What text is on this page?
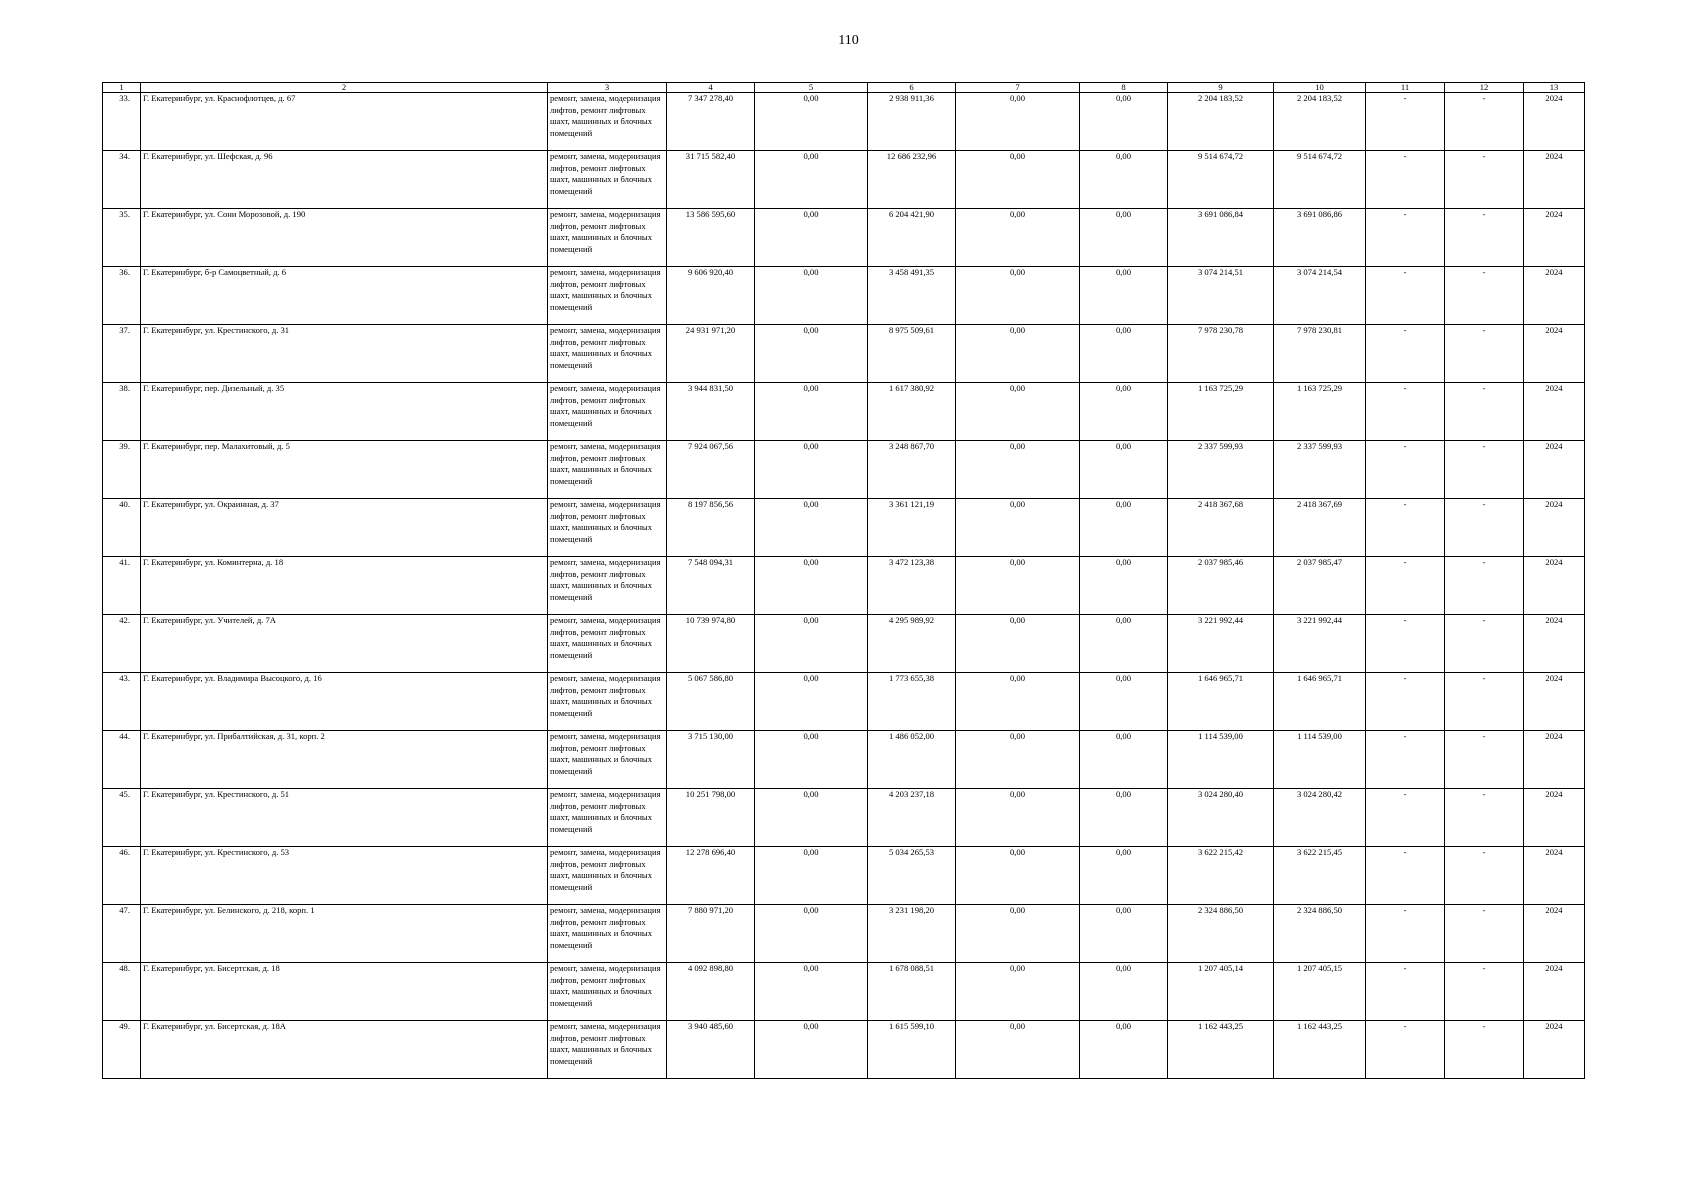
110
1	2	3	4	5	6	7	8	9	10	11	12	13
33.	Г. Екатеринбург, ул. Краснофлотцев, д. 67	ремонт, замена, модернизация лифтов, ремонт лифтовых шахт, машинных и блочных помещений	7 347 278,40	0,00	2 938 911,36	0,00	0,00	2 204 183,52	2 204 183,52	-	-	2024
34.	Г. Екатеринбург, ул. Шефская, д. 96	ремонт, замена, модернизация лифтов, ремонт лифтовых шахт, машинных и блочных помещений	31 715 582,40	0,00	12 686 232,96	0,00	0,00	9 514 674,72	9 514 674,72	-	-	2024
35.	Г. Екатеринбург, ул. Сони Морозовой, д. 190	ремонт, замена, модернизация лифтов, ремонт лифтовых шахт, машинных и блочных помещений	13 586 595,60	0,00	6 204 421,90	0,00	0,00	3 691 086,84	3 691 086,86	-	-	2024
36.	Г. Екатеринбург, б-р Самоцветный, д. 6	ремонт, замена, модернизация лифтов, ремонт лифтовых шахт, машинных и блочных помещений	9 606 920,40	0,00	3 458 491,35	0,00	0,00	3 074 214,51	3 074 214,54	-	-	2024
37.	Г. Екатеринбург, ул. Крестинского, д. 31	ремонт, замена, модернизация лифтов, ремонт лифтовых шахт, машинных и блочных помещений	24 931 971,20	0,00	8 975 509,61	0,00	0,00	7 978 230,78	7 978 230,81	-	-	2024
38.	Г. Екатеринбург, пер. Дизельный, д. 35	ремонт, замена, модернизация лифтов, ремонт лифтовых шахт, машинных и блочных помещений	3 944 831,50	0,00	1 617 380,92	0,00	0,00	1 163 725,29	1 163 725,29	-	-	2024
39.	Г. Екатеринбург, пер. Малахитовый, д. 5	ремонт, замена, модернизация лифтов, ремонт лифтовых шахт, машинных и блочных помещений	7 924 067,56	0,00	3 248 867,70	0,00	0,00	2 337 599,93	2 337 599,93	-	-	2024
40.	Г. Екатеринбург, ул. Окраинная, д. 37	ремонт, замена, модернизация лифтов, ремонт лифтовых шахт, машинных и блочных помещений	8 197 856,56	0,00	3 361 121,19	0,00	0,00	2 418 367,68	2 418 367,69	-	-	2024
41.	Г. Екатеринбург, ул. Коминтерна, д. 18	ремонт, замена, модернизация лифтов, ремонт лифтовых шахт, машинных и блочных помещений	7 548 094,31	0,00	3 472 123,38	0,00	0,00	2 037 985,46	2 037 985,47	-	-	2024
42.	Г. Екатеринбург, ул. Учителей, д. 7А	ремонт, замена, модернизация лифтов, ремонт лифтовых шахт, машинных и блочных помещений	10 739 974,80	0,00	4 295 989,92	0,00	0,00	3 221 992,44	3 221 992,44	-	-	2024
43.	Г. Екатеринбург, ул. Владимира Высоцкого, д. 16	ремонт, замена, модернизация лифтов, ремонт лифтовых шахт, машинных и блочных помещений	5 067 586,80	0,00	1 773 655,38	0,00	0,00	1 646 965,71	1 646 965,71	-	-	2024
44.	Г. Екатеринбург, ул. Прибалтийская, д. 31, корп. 2	ремонт, замена, модернизация лифтов, ремонт лифтовых шахт, машинных и блочных помещений	3 715 130,00	0,00	1 486 052,00	0,00	0,00	1 114 539,00	1 114 539,00	-	-	2024
45.	Г. Екатеринбург, ул. Крестинского, д. 51	ремонт, замена, модернизация лифтов, ремонт лифтовых шахт, машинных и блочных помещений	10 251 798,00	0,00	4 203 237,18	0,00	0,00	3 024 280,40	3 024 280,42	-	-	2024
46.	Г. Екатеринбург, ул. Крестинского, д. 53	ремонт, замена, модернизация лифтов, ремонт лифтовых шахт, машинных и блочных помещений	12 278 696,40	0,00	5 034 265,53	0,00	0,00	3 622 215,42	3 622 215,45	-	-	2024
47.	Г. Екатеринбург, ул. Белинского, д. 218, корп. 1	ремонт, замена, модернизация лифтов, ремонт лифтовых шахт, машинных и блочных помещений	7 880 971,20	0,00	3 231 198,20	0,00	0,00	2 324 886,50	2 324 886,50	-	-	2024
48.	Г. Екатеринбург, ул. Бисертская, д. 18	ремонт, замена, модернизация лифтов, ремонт лифтовых шахт, машинных и блочных помещений	4 092 898,80	0,00	1 678 088,51	0,00	0,00	1 207 405,14	1 207 405,15	-	-	2024
49.	Г. Екатеринбург, ул. Бисертская, д. 18А	ремонт, замена, модернизация лифтов, ремонт лифтовых шахт, машинных и блочных помещений	3 940 485,60	0,00	1 615 599,10	0,00	0,00	1 162 443,25	1 162 443,25	-	-	2024
